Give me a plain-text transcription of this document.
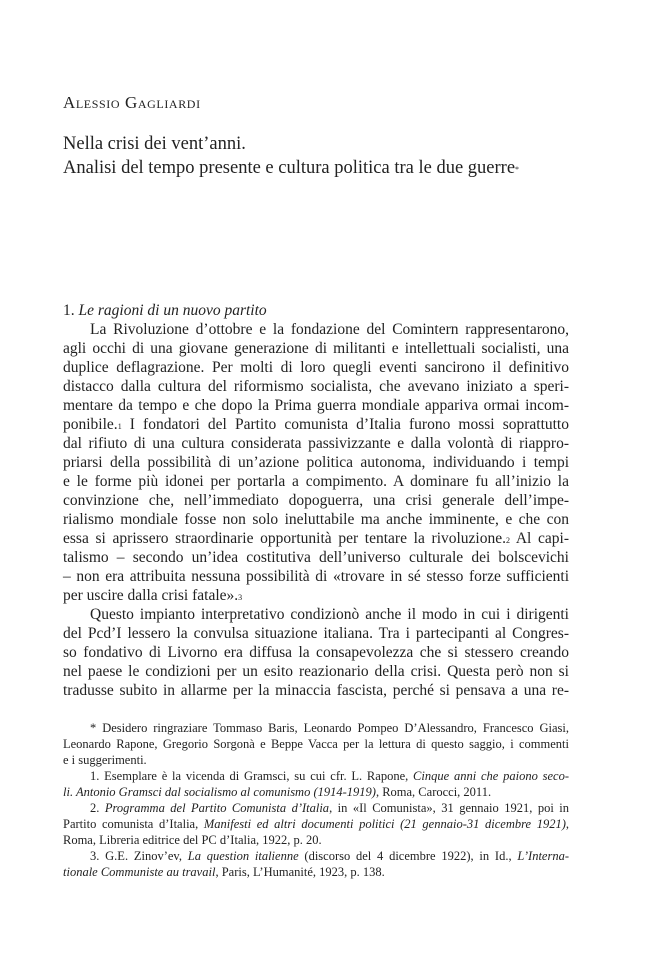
Alessio Gagliardi

Nella crisi dei vent’anni.

Analisi del tempo presente e cultura politica tra le due guerre*

1. Le ragioni di un nuovo partito

La Rivoluzione d’ottobre e la fondazione del Comintern rappresentarono,
agli occhi di una giovane generazione di militanti e intellettuali socialisti, una
duplice deflagrazione. Per molti di loro quegli eventi sancirono il definitivo
distacco dalla cultura del riformismo socialista, che avevano iniziato a speri-
mentare da tempo e che dopo la Prima guerra mondiale appariva ormai incom-
ponibile.$^1$ I fondatori del Partito comunista d’Italia furono mossi soprattutto
dal rifiuto di una cultura considerata passivizzante e dalla volontà di riappro-
priarsi della possibilità di un’azione politica autonoma, individuando i tempi
e le forme più idonei per portarla a compimento. A dominare fu all’inizio la
convinzione che, nell’immediato dopoguerra, una crisi generale dell’impe-
rialismo mondiale fosse non solo ineluttabile ma anche imminente, e che con
essa si aprissero straordinarie opportunità per tentare la rivoluzione.$^2$ Al capi-
talismo – secondo un’idea costitutiva dell’universo culturale dei bolscevichi
– non era attribuita nessuna possibilità di «trovare in sé stesso forze sufficienti
per uscire dalla crisi fatale».$^3$

Questo impianto interpretativo condizionò anche il modo in cui i dirigenti
del Pcd’I lessero la convulsa situazione italiana. Tra i partecipanti al Congres-
so fondativo di Livorno era diffusa la consapevolezza che si stessero creando
nel paese le condizioni per un esito reazionario della crisi. Questa però non si
tradusse subito in allarme per la minaccia fascista, perché si pensava a una re-

* Desidero ringraziare Tommaso Baris, Leonardo Pompeo D’Alessandro, Francesco Giasi,
Leonardo Rapone, Gregorio Sorgonà e Beppe Vacca per la lettura di questo saggio, i commenti
e i suggerimenti.
1. Esemplare è la vicenda di Gramsci, su cui cfr. L. Rapone, Cinque anni che paiono seco-
li. Antonio Gramsci dal socialismo al comunismo (1914-1919), Roma, Carocci, 2011.
2. Programma del Partito Comunista d’Italia, in «Il Comunista», 31 gennaio 1921, poi in
Partito comunista d’Italia, Manifesti ed altri documenti politici (21 gennaio-31 dicembre 1921),
Roma, Libreria editrice del PC d’Italia, 1922, p. 20.
3. G.E. Zinov’ev, La question italienne (discorso del 4 dicembre 1922), in Id., L’Interna-
tionale Communiste au travail, Paris, L’Humanité, 1923, p. 138.
